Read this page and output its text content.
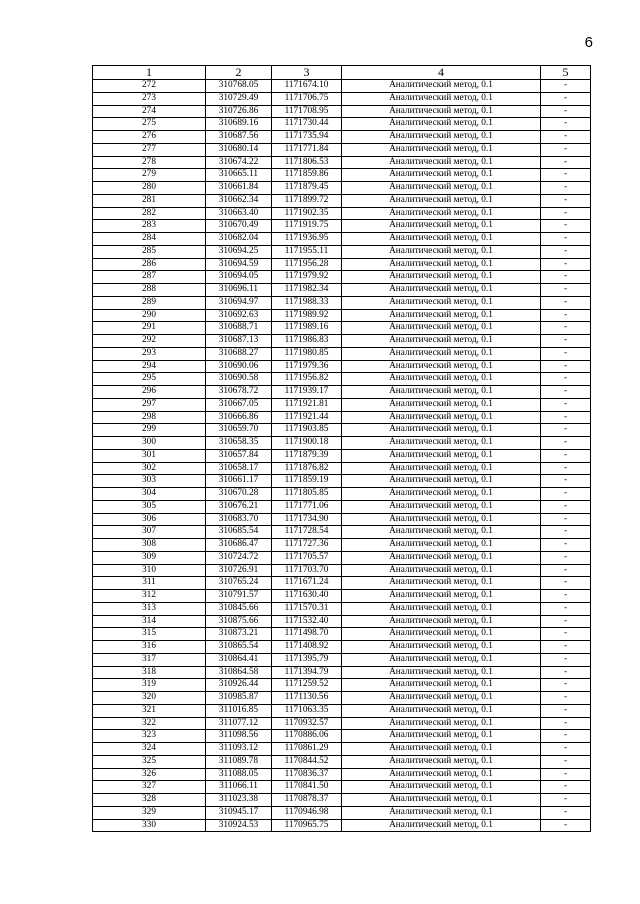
6
1	2	3	4	5
272	310768.05	1171674.10	Аналитический метод, 0.1	-
273	310729.49	1171706.75	Аналитический метод, 0.1	-
274	310726.86	1171708.95	Аналитический метод, 0.1	-
275	310689.16	1171730.44	Аналитический метод, 0.1	-
276	310687.56	1171735.94	Аналитический метод, 0.1	-
277	310680.14	1171771.84	Аналитический метод, 0.1	-
278	310674.22	1171806.53	Аналитический метод, 0.1	-
279	310665.11	1171859.86	Аналитический метод, 0.1	-
280	310661.84	1171879.45	Аналитический метод, 0.1	-
281	310662.34	1171899.72	Аналитический метод, 0.1	-
282	310663.40	1171902.35	Аналитический метод, 0.1	-
283	310670.49	1171919.75	Аналитический метод, 0.1	-
284	310682.04	1171936.95	Аналитический метод, 0.1	-
285	310694.25	1171955.11	Аналитический метод, 0.1	-
286	310694.59	1171956.28	Аналитический метод, 0.1	-
287	310694.05	1171979.92	Аналитический метод, 0.1	-
288	310696.11	1171982.34	Аналитический метод, 0.1	-
289	310694.97	1171988.33	Аналитический метод, 0.1	-
290	310692.63	1171989.92	Аналитический метод, 0.1	-
291	310688.71	1171989.16	Аналитический метод, 0.1	-
292	310687.13	1171986.83	Аналитический метод, 0.1	-
293	310688.27	1171980.85	Аналитический метод, 0.1	-
294	310690.06	1171979.36	Аналитический метод, 0.1	-
295	310690.58	1171956.82	Аналитический метод, 0.1	-
296	310678.72	1171939.17	Аналитический метод, 0.1	-
297	310667.05	1171921.81	Аналитический метод, 0.1	-
298	310666.86	1171921.44	Аналитический метод, 0.1	-
299	310659.70	1171903.85	Аналитический метод, 0.1	-
300	310658.35	1171900.18	Аналитический метод, 0.1	-
301	310657.84	1171879.39	Аналитический метод, 0.1	-
302	310658.17	1171876.82	Аналитический метод, 0.1	-
303	310661.17	1171859.19	Аналитический метод, 0.1	-
304	310670.28	1171805.85	Аналитический метод, 0.1	-
305	310676.21	1171771.06	Аналитический метод, 0.1	-
306	310683.70	1171734.90	Аналитический метод, 0.1	-
307	310685.54	1171728.54	Аналитический метод, 0.1	-
308	310686.47	1171727.36	Аналитический метод, 0.1	-
309	310724.72	1171705.57	Аналитический метод, 0.1	-
310	310726.91	1171703.70	Аналитический метод, 0.1	-
311	310765.24	1171671.24	Аналитический метод, 0.1	-
312	310791.57	1171630.40	Аналитический метод, 0.1	-
313	310845.66	1171570.31	Аналитический метод, 0.1	-
314	310875.66	1171532.40	Аналитический метод, 0.1	-
315	310873.21	1171498.70	Аналитический метод, 0.1	-
316	310865.54	1171408.92	Аналитический метод, 0.1	-
317	310864.41	1171395.79	Аналитический метод, 0.1	-
318	310864.58	1171394.79	Аналитический метод, 0.1	-
319	310926.44	1171259.52	Аналитический метод, 0.1	-
320	310985.87	1171130.56	Аналитический метод, 0.1	-
321	311016.85	1171063.35	Аналитический метод, 0.1	-
322	311077.12	1170932.57	Аналитический метод, 0.1	-
323	311098.56	1170886.06	Аналитический метод, 0.1	-
324	311093.12	1170861.29	Аналитический метод, 0.1	-
325	311089.78	1170844.52	Аналитический метод, 0.1	-
326	311088.05	1170836.37	Аналитический метод, 0.1	-
327	311066.11	1170841.50	Аналитический метод, 0.1	-
328	311023.38	1170878.37	Аналитический метод, 0.1	-
329	310945.17	1170946.98	Аналитический метод, 0.1	-
330	310924.53	1170965.75	Аналитический метод, 0.1	-
